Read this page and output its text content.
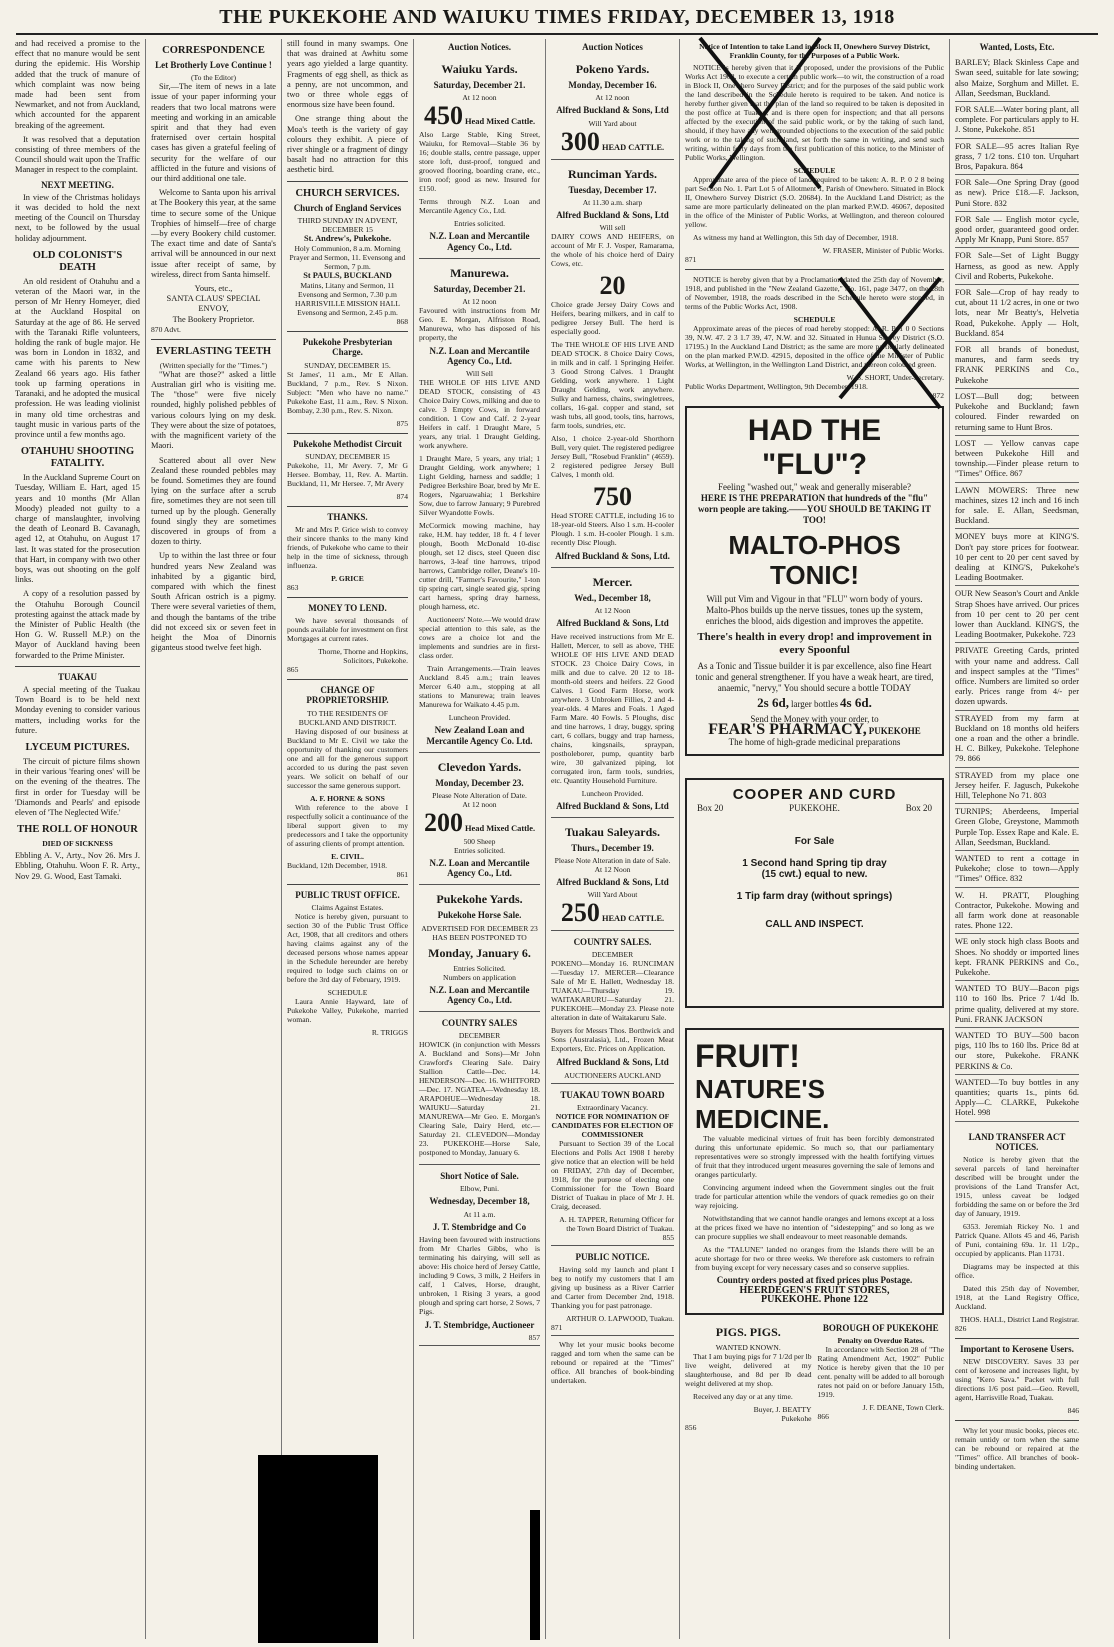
THE PUKEKOHE AND WAIUKU TIMES FRIDAY, DECEMBER 13, 1918

and had received a promise to the effect that no manure would be sent during the epidemic. His Worship added that the truck of manure of which complaint was now being made had been sent from Newmarket, and not from Auckland, which accounted for the apparent breaking of the agreement.

It was resolved that a deputation consisting of three members of the Council should wait upon the Traffic Manager in respect to the complaint.

NEXT MEETING.

In view of the Christmas holidays it was decided to hold the next meeting of the Council on Thursday next, to be followed by the usual holiday adjournment.

OLD COLONIST'S DEATH

An old resident of Otahuhu and a veteran of the Maori war, in the person of Mr Henry Homeyer, died at the Auckland Hospital on Saturday at the age of 86. He served with the Taranaki Rifle volunteers, holding the rank of bugle major. He was born in London in 1832, and came with his parents to New Zealand 66 years ago. His father took up farming operations in Taranaki, and he adopted the musical profession. He was leading violinist in many old time orchestras and taught music in various parts of the province until a few months ago.

OTAHUHU SHOOTING FATALITY.

In the Auckland Supreme Court on Tuesday, William E. Hart, aged 15 years and 10 months (Mr Allan Moody) pleaded not guilty to a charge of manslaughter, involving the death of Leonard B. Cavanagh, aged 12, at Otahuhu, on August 17 last. It was stated for the prosecution that Hart, in company with two other boys, was out shooting on the golf links.

A copy of a resolution passed by the Otahuhu Borough Council protesting against the attack made by the Minister of Public Health (the Hon G. W. Russell M.P.) on the Mayor of Auckland having been forwarded to the Prime Minister.

TUAKAU

A special meeting of the Tuakau Town Board is to be held next Monday evening to consider various matters, including works for the future.

LYCEUM PICTURES.

The circuit of picture films shown in their various 'fearing ones' will be on the evening of the theatres. The first in order for Tuesday will be 'Diamonds and Pearls' and episode eleven of 'The Neglected Wife.'

THE ROLL OF HONOUR
DIED OF SICKNESS

Ebbling A. V., Arty., Nov 26. Mrs J. Ebbling, Otahuhu. Woon F. R. Arty., Nov 29. G. Wood, East Tamaki.

CORRESPONDENCE
Let Brotherly Love Continue !
(To the Editor)

Sir,—The item of news in a late issue of your paper informing your readers that two local matrons were meeting and working in an amicable spirit and that they had even fraternised over certain hospital cases has given a grateful feeling of security for the welfare of our afflicted in the future and visions of our third additional one tale.

Welcome to Santa upon his arrival at The Bookery this year, at the same time to secure some of the Unique Trophies of himself—free of charge—by every Bookery child customer. The exact time and date of Santa's arrival will be announced in our next issue after receipt of same, by wireless, direct from Santa himself.

Yours, etc.,
SANTA CLAUS' SPECIAL ENVOY,
The Bookery Proprietor.
870 Advt.
EVERLASTING TEETH
(Written specially for the "Times.")

"What are those?" asked a little Australian girl who is visiting me. The "those" were five nicely rounded, highly polished pebbles of various colours lying on my desk. They were about the size of potatoes, with the magnificent variety of the Maori.

Scattered about all over New Zealand these rounded pebbles may be found. Sometimes they are found lying on the surface after a scrub fire, sometimes they are not seen till turned up by the plough. Generally found singly they are sometimes discovered in groups of from a dozen to thirty.

Up to within the last three or four hundred years New Zealand was inhabited by a gigantic bird, compared with which the finest South African ostrich is a pigmy. There were several varieties of them, and though the bantams of the tribe did not exceed six or seven feet in height the Moa of Dinornis giganteus stood twelve feet high.

still found in many swamps. One that was drained at Awhitu some years ago yielded a large quantity. Fragments of egg shell, as thick as a penny, are not uncommon, and two or three whole eggs of enormous size have been found.

One strange thing about the Moa's teeth is the variety of gay colours they exhibit. A piece of river shingle or a fragment of dingy basalt had no attraction for this aesthetic bird.

CHURCH SERVICES.
Church of England Services
THIRD SUNDAY IN ADVENT, DECEMBER 15
St. Andrew's, Pukekohe.
Holy Communion, 8 a.m. Morning Prayer and Sermon, 11. Evensong and Sermon, 7 p.m.
St PAULS, BUCKLAND
Matins, Litany and Sermon, 11 Evensong and Sermon, 7.30 p.m
HARRISVILLE MISSION HALL Evensong and Sermon, 2.45 p.m.
868
Pukekohe Presbyterian Charge.
SUNDAY, DECEMBER 15.

St James', 11 a.m., Mr E Allan. Buckland, 7 p.m., Rev. S Nixon. Subject: "Men who have no name." Pukekohe East, 11 a.m., Rev. S Nixon. Bombay, 2.30 p.m., Rev. S. Nixon.

875
Pukekohe Methodist Circuit
SUNDAY, DECEMBER 15

Pukekohe, 11, Mr Avery. 7, Mr G Hersee. Bombay, 11, Rev. A. Martin. Buckland, 11, Mr Hersee. 7, Mr Avery

874
THANKS.

Mr and Mrs P. Grice wish to convey their sincere thanks to the many kind friends, of Pukekohe who came to their help in the time of sickness, through influenza.

P. GRICE
863
MONEY TO LEND.

We have several thousands of pounds available for investment on first Mortgages at current rates.

Thorne, Thorne and Hopkins, Solicitors, Pukekohe.
865
CHANGE OF PROPRIETORSHIP.
TO THE RESIDENTS OF BUCKLAND AND DISTRICT.

Having disposed of our business at Buckland to Mr E. Civil we take the opportunity of thanking our customers one and all for the generous support accorded to us during the past seven years. We solicit on behalf of our successor the same generous support.

A. F. HORNE & SONS

With reference to the above I respectfully solicit a continuance of the liberal support given to my predecessors and I take the opportunity of assuring clients of prompt attention.

E. CIVIL.
Buckland, 12th December, 1918.
861
PUBLIC TRUST OFFICE.
Claims Against Estates.

Notice is hereby given, pursuant to section 30 of the Public Trust Office Act, 1908, that all creditors and others having claims against any of the deceased persons whose names appear in the Schedule hereunder are hereby required to lodge such claims on or before the 3rd day of February, 1919.

SCHEDULE

Laura Annie Hayward, late of Pukekohe Valley, Pukekohe, married woman.

R. TRIGGS
Auction Notices.
Waiuku Yards.
Saturday, December 21.
At 12 noon
450 Head Mixed Cattle.

Also Large Stable, King Street, Waiuku, for Removal—Stable 36 by 16; double stalls, centre passage, upper store loft, dust-proof, tongued and grooved flooring, boarding crane, etc., iron roof; good as new. Insured for £150.

Terms through N.Z. Loan and Mercantile Agency Co., Ltd.

Entries solicited.
N.Z. Loan and Mercantile Agency Co., Ltd.
Manurewa.
Saturday, December 21.
At 12 noon

Favoured with instructions from Mr Geo. E. Morgan, Alfriston Road, Manurewa, who has disposed of his property, the

N.Z. Loan and Mercantile Agency Co., Ltd.
Will Sell

THE WHOLE OF HIS LIVE AND DEAD STOCK, consisting of 43 Choice Dairy Cows, milking and due to calve. 3 Empty Cows, in forward condition. 1 Cow and Calf. 2 2-year Heifers in calf. 1 Draught Mare, 5 years, any trial. 1 Draught Gelding, work anywhere.

1 Draught Mare, 5 years, any trial; 1 Draught Gelding, work anywhere; 1 Light Gelding, harness and saddle; 1 Pedigree Berkshire Boar, bred by Mr E. Rogers, Ngaruawahia; 1 Berkshire Sow, due to farrow January; 9 Purebred Silver Wyandotte Fowls.

McCormick mowing machine, hay rake, H.M. hay tedder, 18 ft. 4 f lever plough, Booth McDonald 10-disc plough, set 12 discs, steel Queen disc harrows, 3-leaf tine harrows, tripod harrows, Cambridge roller, Deane's 10-cutter drill, "Farmer's Favourite," 1-ton tip spring cart, single seated gig, spring cart harness, spring dray harness, plough harness, etc.

Auctioneers' Note.—We would draw special attention to this sale, as the cows are a choice lot and the implements and sundries are in first-class order.

Train Arrangements.—Train leaves Auckland 8.45 a.m.; train leaves Mercer 6.40 a.m., stopping at all stations to Manurewa; train leaves Manurewa for Waikato 4.45 p.m.

Luncheon Provided.
New Zealand Loan and Mercantile Agency Co. Ltd.
Clevedon Yards.
Monday, December 23.
Please Note Alteration of Date.
At 12 noon
200 Head Mixed Cattle.
500 Sheep
Entries solicited.
N.Z. Loan and Mercantile Agency Co., Ltd.
Pukekohe Yards.
Pukekohe Horse Sale.
ADVERTISED FOR DECEMBER 23 HAS BEEN POSTPONED TO
Monday, January 6.
Entries Solicited.
Numbers on application
N.Z. Loan and Mercantile Agency Co., Ltd.
COUNTRY SALES
DECEMBER

HOWICK (in conjunction with Messrs A. Buckland and Sons)—Mr John Crawford's Clearing Sale. Dairy Stallion Cattle—Dec. 14. HENDERSON—Dec. 16. WHITFORD—Dec. 17. NGATEA—Wednesday 18. ARAPOHUE—Wednesday 18. WAIUKU—Saturday 21. MANUREWA—Mr Geo. E. Morgan's Clearing Sale, Dairy Herd, etc.—Saturday 21. CLEVEDON—Monday 23. PUKEKOHE—Horse Sale, postponed to Monday, January 6.

Short Notice of Sale.
Elbow, Puni.
Wednesday, December 18,
At 11 a.m.
J. T. Stembridge and Co

Having been favoured with instructions from Mr Charles Gibbs, who is terminating his dairying, will sell as above: His choice herd of Jersey Cattle, including 9 Cows, 3 milk, 2 Heifers in calf, 1 Calves, Horse, draught, unbroken, 1 Rising 3 years, a good plough and spring cart horse, 2 Sows, 7 Pigs.

J. T. Stembridge, Auctioneer
857
Auction Notices
Pokeno Yards.
Monday, December 16.
At 12 noon
Alfred Buckland & Sons, Ltd
Will Yard about
300 HEAD CATTLE.
Runciman Yards.
Tuesday, December 17.
At 11.30 a.m. sharp
Alfred Buckland & Sons, Ltd
Will sell

DAIRY COWS AND HEIFERS, on account of Mr F. J. Vosper, Ramarama, the whole of his choice herd of Dairy Cows, etc.

20

Choice grade Jersey Dairy Cows and Heifers, bearing milkers, and in calf to pedigree Jersey Bull. The herd is especially good.

The THE WHOLE OF HIS LIVE AND DEAD STOCK. 8 Choice Dairy Cows, in milk and in calf. 1 Springing Heifer. 3 Good Strong Calves. 1 Draught Gelding, work anywhere. 1 Light Draught Gelding, work anywhere. Sulky and harness, chains, swingletrees, collars, 16-gal. copper and stand, set wash tubs, all good, tools, tins, harrows, farm tools, sundries, etc.

Also, 1 choice 2-year-old Shorthorn Bull, very quiet. The registered pedigree Jersey Bull, "Rosebud Franklin" (4659). 2 registered pedigree Jersey Bull Calves, 1 month old.

750

Head STORE CATTLE, including 16 to 18-year-old Steers. Also 1 s.m. H-cooler Plough. 1 s.m. H-cooler Plough. 1 s.m. recently Disc Plough.

Alfred Buckland & Sons, Ltd.
Mercer.
Wed., December 18,
At 12 Noon
Alfred Buckland & Sons, Ltd

Have received instructions from Mr E. Hallett, Mercer, to sell as above, THE WHOLE OF HIS LIVE AND DEAD STOCK. 23 Choice Dairy Cows, in milk and due to calve. 20 12 to 18-month-old steers and heifers. 22 Good Calves. 1 Good Farm Horse, work anywhere. 3 Unbroken Fillies, 2 and 4-year-olds. 4 Mares and Foals. 1 Aged Farm Mare. 40 Fowls. 5 Ploughs, disc and tine harrows, 1 dray, buggy, spring cart, 6 collars, buggy and trap harness, chains, kingsnails, spraypan, postholeborer, pump, quantity barb wire, 30 galvanized piping, lot corrugated iron, farm tools, sundries, etc. Quantity Household Furniture.

Luncheon Provided.
Alfred Buckland & Sons, Ltd
Tuakau Saleyards.
Thurs., December 19.
Please Note Alteration in date of Sale.
At 12 Noon
Alfred Buckland & Sons, Ltd
Will Yard About
250 HEAD CATTLE.
COUNTRY SALES.
DECEMBER

POKENO—Monday 16. RUNCIMAN—Tuesday 17. MERCER—Clearance Sale of Mr E. Hallett, Wednesday 18. TUAKAU—Thursday 19. WAITAKARURU—Saturday 21. PUKEKOHE—Monday 23. Please note alteration in date of Waitakaruru Sale.

Buyers for Messrs Thos. Borthwick and Sons (Australasia), Ltd., Frozen Meat Exporters, Etc. Prices on Application.

Alfred Buckland & Sons, Ltd
AUCTIONEERS AUCKLAND
TUAKAU TOWN BOARD
Extraordinary Vacancy.
NOTICE FOR NOMINATION OF CANDIDATES FOR ELECTION OF COMMISSIONER

Pursuant to Section 39 of the Local Elections and Polls Act 1908 I hereby give notice that an election will be held on FRIDAY, 27th day of December, 1918, for the purpose of electing one Commissioner for the Town Board District of Tuakau in place of Mr J. H. Craig, deceased.

A. H. TAPPER, Returning Officer for the Town Board District of Tuakau.
855
PUBLIC NOTICE.

Having sold my launch and plant I beg to notify my customers that I am giving up business as a River Carrier and Carter from December 2nd, 1918. Thanking you for past patronage.

ARTHUR O. LAPWOOD, Tuakau.
871

Why let your music books become ragged and torn when the same can be rebound or repaired at the "Times" office. All branches of book-binding undertaken.

Notice of Intention to take Land in Block II, Onewhero Survey District, Franklin County, for the Purposes of a Public Work.

NOTICE is hereby given that it is proposed, under the provisions of the Public Works Act 1908, to execute a certain public work—to wit, the construction of a road in Block II, Onewhero Survey District; and for the purposes of the said public work the land described in the Schedule hereto is required to be taken. And notice is hereby further given that the plan of the land so required to be taken is deposited in the post office at Tuakau, and is there open for inspection; and that all persons affected by the execution of the said public work, or by the taking of such land, should, if they have any well-grounded objections to the execution of the said public work or to the taking of such land, set forth the same in writing, and send such writing, within forty days from the first publication of this notice, to the Minister of Public Works, Wellington.

SCHEDULE

Approximate area of the piece of land required to be taken: A. R. P. 0 2 8 being part Section No. 1. Part Lot 5 of Allotment 1, Parish of Onewhero. Situated in Block II, Onewhero Survey District (S.O. 20684). In the Auckland Land District; as the same are more particularly delineated on the plan marked P.W.D. 46067, deposited in the office of the Minister of Public Works, at Wellington, and thereon coloured yellow.

As witness my hand at Wellington, this 5th day of December, 1918.

W. FRASER, Minister of Public Works.
871

NOTICE is hereby given that by a Proclamation dated the 25th day of November, 1918, and published in the "New Zealand Gazette," No. 161, page 3477, on the 28th of November, 1918, the roads described in the Schedule hereto were stopped, in terms of the Public Works Act, 1908.

SCHEDULE

Approximate areas of the pieces of road hereby stopped: A. R. P. 1 0 0 Sections 39, N.W. 47. 2 3 1.7 39, 47, N.W. and 32. Situated in Hunua Survey District (S.O. 17195.) In the Auckland Land District; as the same are more particularly delineated on the plan marked P.W.D. 42915, deposited in the office of the Minister of Public Works, at Wellington, in the Wellington Land District, and thereon coloured green.

W. S. SHORT, Under-Secretary.
Public Works Department, Wellington, 9th December, 1918.
872
HAD THE "FLU"?
Feeling "washed out," weak and generally miserable?
HERE IS THE PREPARATION that hundreds of the "flu" worn people are taking.——YOU SHOULD BE TAKING IT TOO!
MALTO-PHOS TONIC!
Will put Vim and Vigour in that "FLU" worn body of yours. Malto-Phos builds up the nerve tissues, tones up the system, enriches the blood, aids digestion and improves the appetite.
There's health in every drop! and improvement in every Spoonful
As a Tonic and Tissue builder it is par excellence, also fine Heart tonic and general strengthener. If you have a weak heart, are tired, anaemic, "nervy," You should secure a bottle TODAY
2s 6d, larger bottles 4s 6d.
Send the Money with your order, to
FEAR'S PHARMACY, PUKEKOHE
The home of high-grade medicinal preparations
COOPER AND CURD
Box 20	PUKEKOHE.	Box 20
For Sale
1 Second hand Spring tip dray
(15 cwt.) equal to new.
1 Tip farm dray (without springs)
CALL AND INSPECT.
FRUIT!
NATURE'S MEDICINE.

The valuable medicinal virtues of fruit has been forcibly demonstrated during this unfortunate epidemic. So much so, that our parliamentary representatives were so strongly impressed with the health fortifying virtues of fruit that they introduced urgent measures governing the sale of lemons and oranges particularly.

Convincing argument indeed when the Government singles out the fruit trade for particular attention while the vendors of quack remedies go on their way rejoicing.

Notwithstanding that we cannot handle oranges and lemons except at a loss at the prices fixed we have no intention of "sidestepping" and so long as we can procure supplies we shall endeavour to meet reasonable demands.

As the "TALUNE" landed no oranges from the Islands there will be an acute shortage for two or three weeks. We therefore ask customers to refrain from buying except for very necessary cases and so conserve supplies.

Country orders posted at fixed prices plus Postage.
HEERDEGEN'S FRUIT STORES,
PUKEKOHE. Phone 122
PIGS. PIGS.
WANTED KNOWN.

That I am buying pigs for 7 1/2d per lb live weight, delivered at my slaughterhouse, and 8d per lb dead weight delivered at my shop.

Received any day or at any time.

Buyer, J. BEATTY
Pukekohe
856
BOROUGH OF PUKEKOHE
Penalty on Overdue Rates.

In accordance with Section 28 of "The Rating Amendment Act, 1902" Public Notice is hereby given that the 10 per cent. penalty will be added to all borough rates not paid on or before January 15th, 1919.

J. F. DEANE, Town Clerk.
866
Wanted, Losts, Etc.
BARLEY; Black Skinless Cape and Swan seed, suitable for late sowing; also Maize, Sorghum and Millet. E. Allan, Seedsman, Buckland.
FOR SALE—Water boring plant, all complete. For particulars apply to H. J. Stone, Pukekohe. 851
FOR SALE—95 acres Italian Rye grass, 7 1/2 tons. £10 ton. Urquhart Bros, Papakura. 864
FOR Sale—One Spring Dray (good as new). Price £18.—F. Jackson, Puni Store. 832
FOR Sale — English motor cycle, good order, guaranteed good order. Apply Mr Knapp, Puni Store. 857
FOR Sale—Set of Light Buggy Harness, as good as new. Apply Civil and Roberts, Pukekohe.
FOR Sale—Crop of hay ready to cut, about 11 1/2 acres, in one or two lots, near Mr Beatty's, Helvetia Road, Pukekohe. Apply — Holt, Buckland. 854
FOR all brands of bonedust, manures, and farm seeds try FRANK PERKINS and Co., Pukekohe
LOST—Bull dog; between Pukekohe and Buckland; fawn coloured. Finder rewarded on returning same to Hunt Bros.
LOST — Yellow canvas cape between Pukekohe Hill and township.—Finder please return to "Times" Office. 867
LAWN MOWERS: Three new machines, sizes 12 inch and 16 inch for sale. E. Allan, Seedsman, Buckland.
MONEY buys more at KING'S. Don't pay store prices for footwear. 10 per cent to 20 per cent saved by dealing at KING'S, Pukekohe's Leading Bootmaker.
OUR New Season's Court and Ankle Strap Shoes have arrived. Our prices from 10 per cent to 20 per cent lower than Auckland. KING'S, the Leading Bootmaker, Pukekohe. 723
PRIVATE Greeting Cards, printed with your name and address. Call and inspect samples at the "Times" office. Numbers are limited so order early. Prices range from 4/- per dozen upwards.
STRAYED from my farm at Buckland on 18 months old heifers one a roan and the other a brindle. H. C. Bilkey, Pukekohe. Telephone 79. 866
STRAYED from my place one Jersey heifer. F. Jagusch, Pukekohe Hill, Telephone No 71. 803
TURNIPS; Aberdeens, Imperial Green Globe, Greystone, Mammoth Purple Top. Essex Rape and Kale. E. Allan, Seedsman, Buckland.
WANTED to rent a cottage in Pukekohe; close to town—Apply "Times" Office. 832
W. H. PRATT, Ploughing Contractor, Pukekohe. Mowing and all farm work done at reasonable rates. Phone 122.
WE only stock high class Boots and Shoes. No shoddy or imported lines kept. FRANK PERKINS and Co., Pukekohe.
WANTED TO BUY—Bacon pigs 110 to 160 lbs. Price 7 1/4d lb. prime quality, delivered at my store. Puni. FRANK JACKSON
WANTED TO BUY—500 bacon pigs, 110 lbs to 160 lbs. Price 8d at our store, Pukekohe. FRANK PERKINS & Co.
WANTED—To buy bottles in any quantities; quarts 1s., pints 6d. Apply—C. CLARKE, Pukekohe Hotel. 998
LAND TRANSFER ACT NOTICES.

Notice is hereby given that the several parcels of land hereinafter described will be brought under the provisions of the Land Transfer Act, 1915, unless caveat be lodged forbidding the same on or before the 3rd day of January, 1919.

6353. Jeremiah Rickey No. 1 and Patrick Quane. Allots 45 and 46, Parish of Puni, containing 69a. 1r. 11 1/2p., occupied by applicants. Plan 11731.

Diagrams may be inspected at this office.

Dated this 25th day of November, 1918, at the Land Registry Office, Auckland.

THOS. HALL, District Land Registrar.
826
Important to Kerosene Users.

NEW DISCOVERY. Saves 33 per cent of kerosene and increases light, by using "Kero Sava." Packet with full directions 1/6 post paid.—Geo. Revell, agent, Harrisville Road, Tuakau.

846

Why let your music books, pieces etc. remain untidy or torn when the same can be rebound or repaired at the "Times" office. All branches of book-binding undertaken.
